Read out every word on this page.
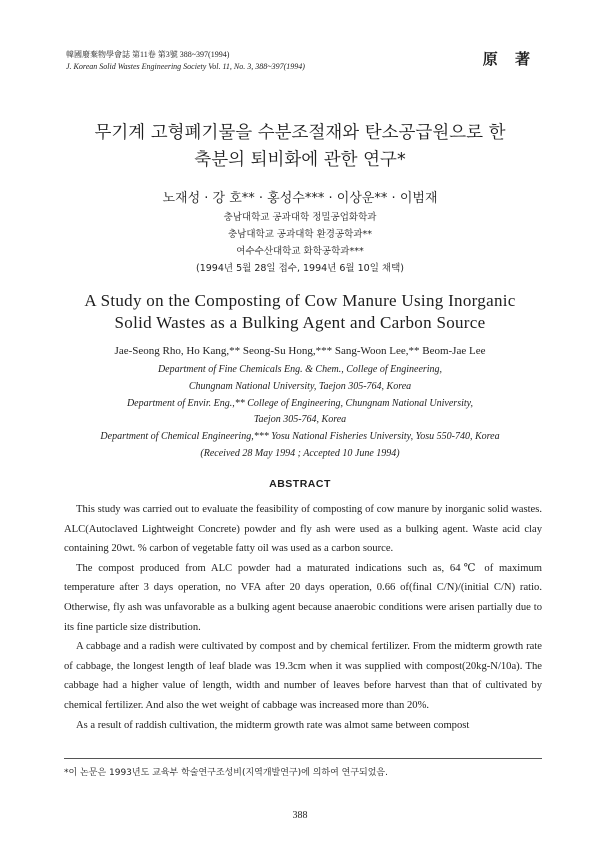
韓國廢棄物學會誌 第11卷 第3號 388~397(1994)
J. Korean Solid Wastes Engineering Society Vol. 11, No. 3, 388~397(1994)	原 著
무기계 고형폐기물을 수분조절재와 탄소공급원으로 한
축분의 퇴비화에 관한 연구*
노재성 · 강 호** · 홍성수*** · 이상운** · 이범재
충남대학교 공과대학 정밀공업화학과
충남대학교 공과대학 환경공학과**
여수수산대학교 화학공학과***
(1994년 5월 28일 접수, 1994년 6월 10일 채택)
A Study on the Composting of Cow Manure Using Inorganic
Solid Wastes as a Bulking Agent and Carbon Source
Jae-Seong Rho, Ho Kang,** Seong-Su Hong,*** Sang-Woon Lee,** Beom-Jae Lee
Department of Fine Chemicals Eng. & Chem., College of Engineering,
Chungnam National University, Taejon 305-764, Korea
Department of Envir. Eng.,** College of Engineering, Chungnam National University,
Taejon 305-764, Korea
Department of Chemical Engineering,*** Yosu National Fisheries University, Yosu 550-740, Korea
(Received 28 May 1994 ; Accepted 10 June 1994)
ABSTRACT

This study was carried out to evaluate the feasibility of composting of cow manure by inorganic solid wastes. ALC(Autoclaved Lightweight Concrete) powder and fly ash were used as a bulking agent. Waste acid clay containing 20wt. % carbon of vegetable fatty oil was used as a carbon source.

The compost produced from ALC powder had a maturated indications such as, 64℃ of maximum temperature after 3 days operation, no VFA after 20 days operation, 0.66 of(final C/N)/(initial C/N) ratio. Otherwise, fly ash was unfavorable as a bulking agent because anaerobic conditions were arisen partially due to its fine particle size distribution.

A cabbage and a radish were cultivated by compost and by chemical fertilizer. From the midterm growth rate of cabbage, the longest length of leaf blade was 19.3cm when it was supplied with compost(20kg-N/10a). The cabbage had a higher value of length, width and number of leaves before harvest than that of cultivated by chemical fertilizer. And also the wet weight of cabbage was increased more than 20%.

As a result of raddish cultivation, the midterm growth rate was almot same between compost

*이 논문은 1993년도 교육부 학술연구조성비(지역개발연구)에 의하여 연구되었음.
388
